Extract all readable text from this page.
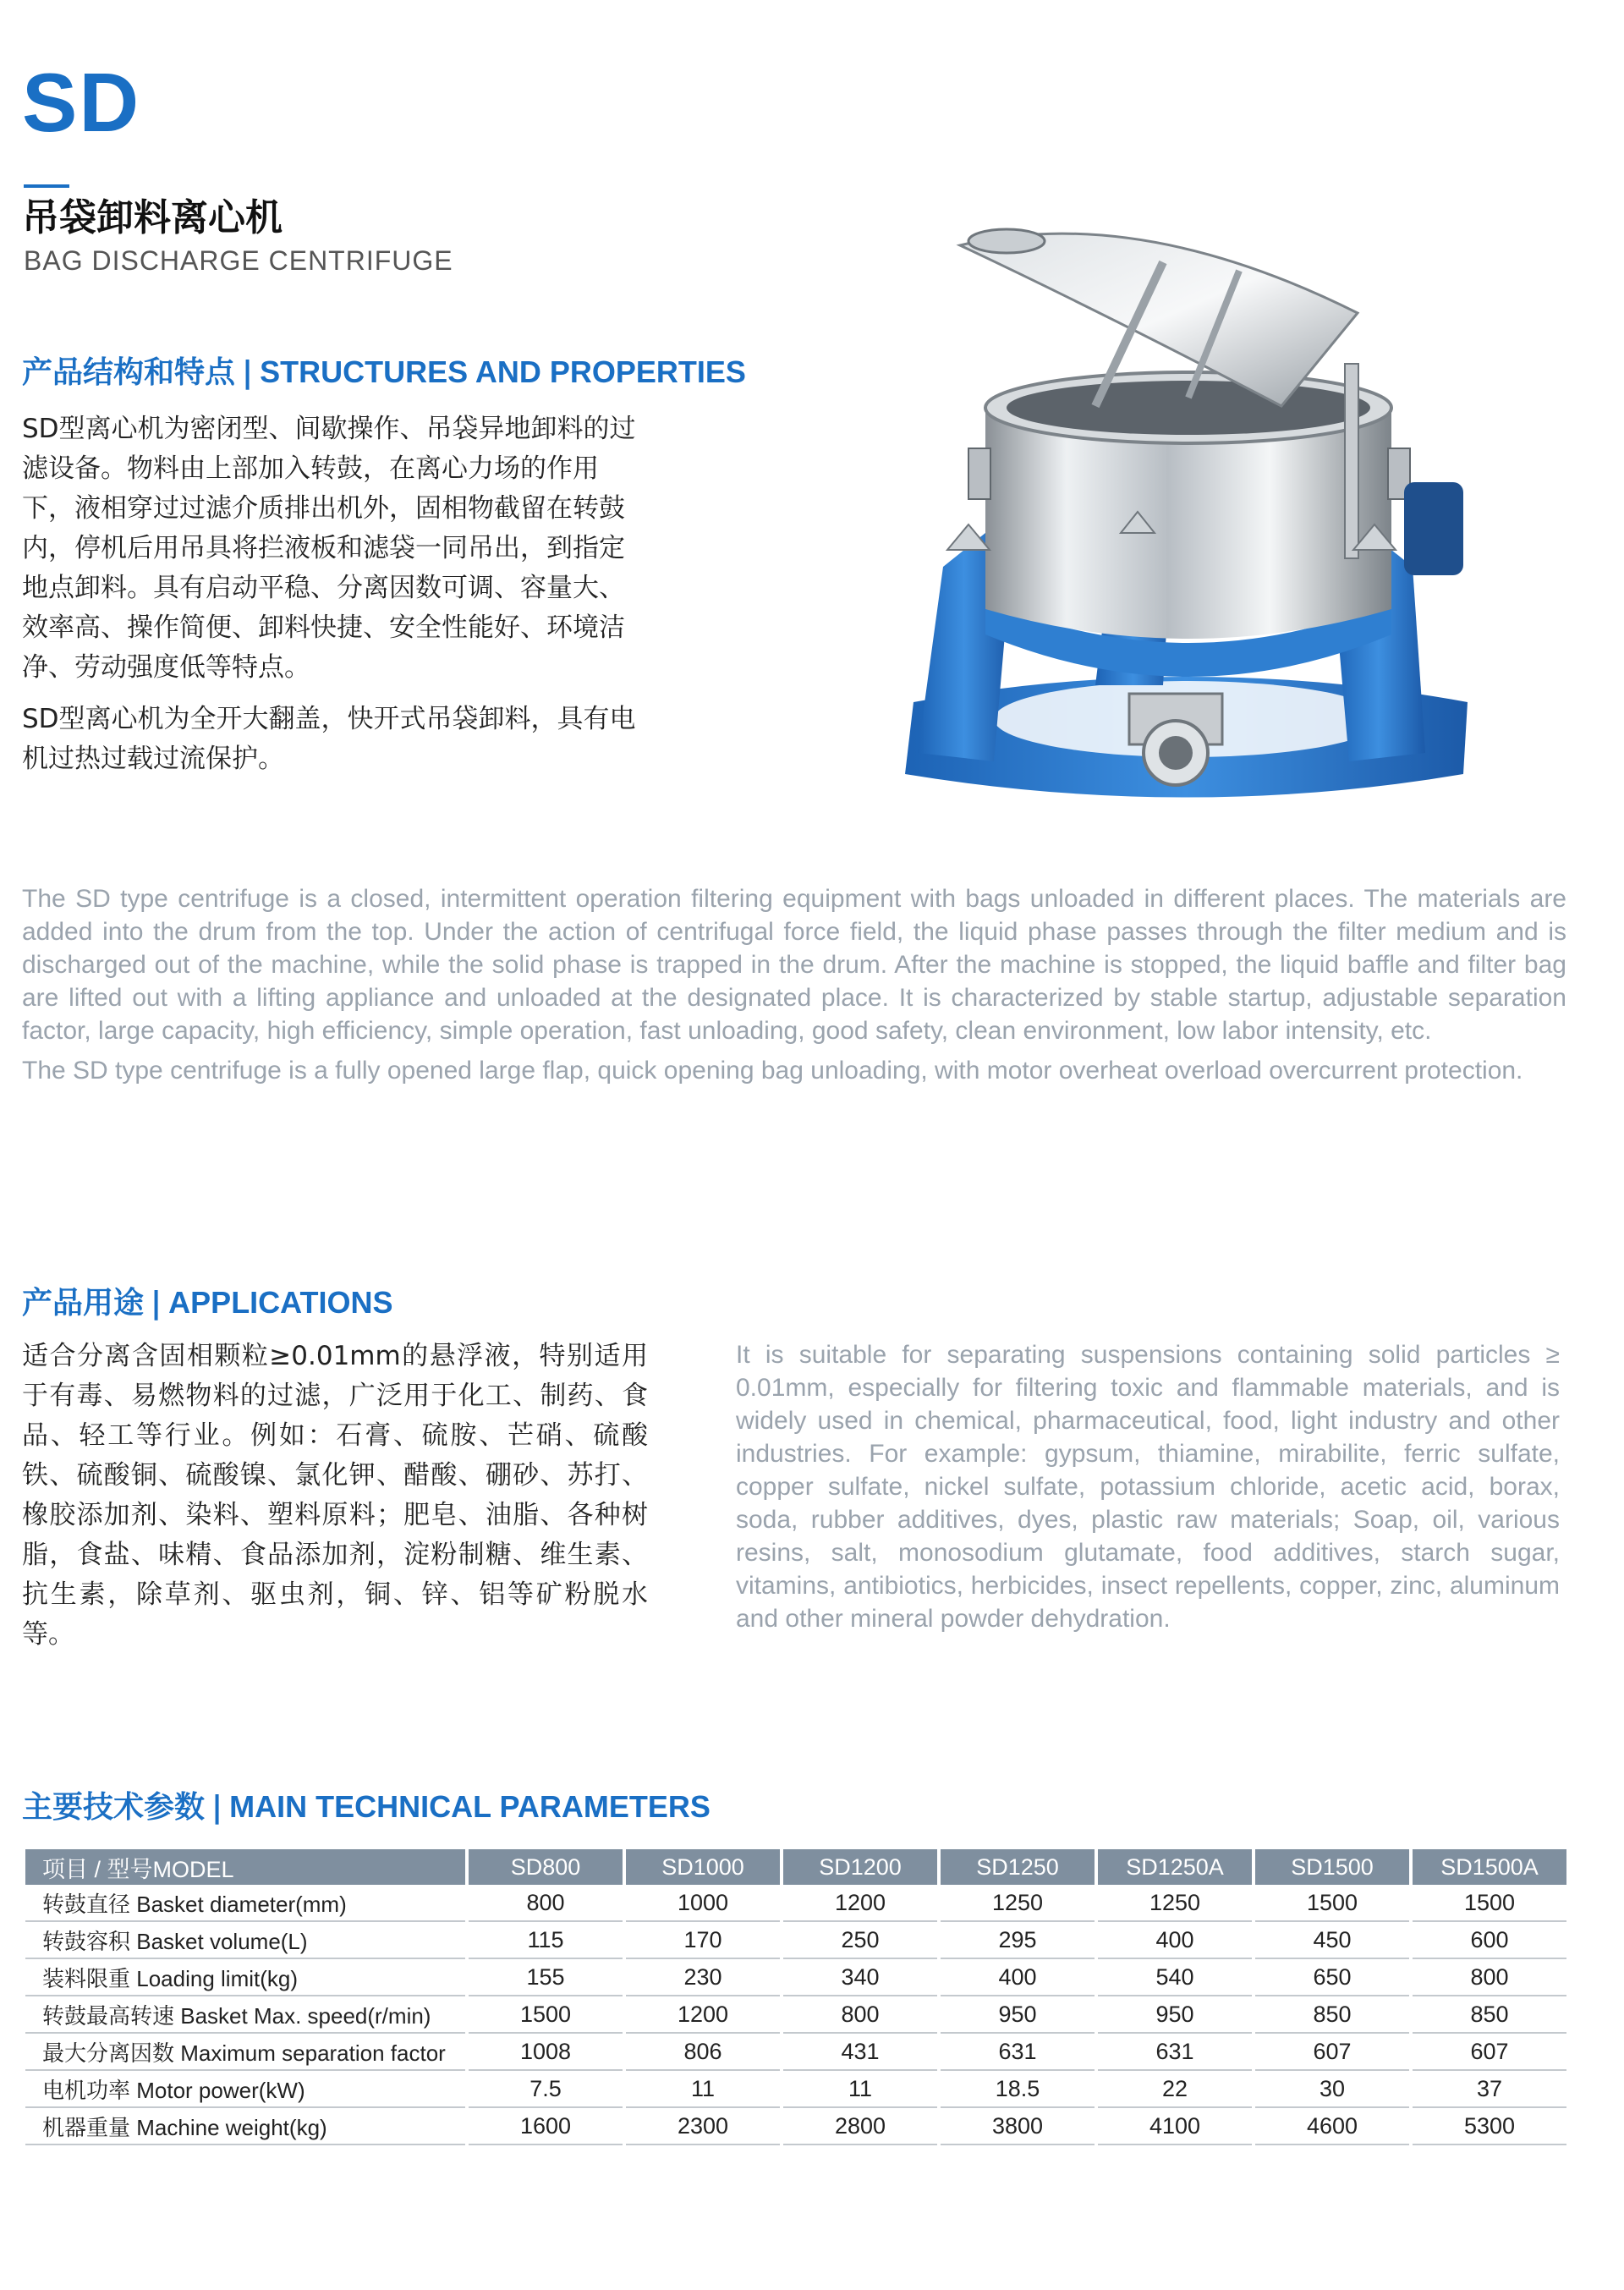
SD
吊袋卸料离心机
BAG DISCHARGE CENTRIFUGE
产品结构和特点 | STRUCTURES AND PROPERTIES

SD型离心机为密闭型、间歇操作、吊袋异地卸料的过滤设备。物料由上部加入转鼓，在离心力场的作用下，液相穿过过滤介质排出机外，固相物截留在转鼓内，停机后用吊具将拦液板和滤袋一同吊出，到指定地点卸料。具有启动平稳、分离因数可调、容量大、效率高、操作简便、卸料快捷、安全性能好、环境洁净、劳动强度低等特点。

SD型离心机为全开大翻盖，快开式吊袋卸料，具有电机过热过载过流保护。

The SD type centrifuge is a closed, intermittent operation filtering equipment with bags unloaded in different places. The materials are added into the drum from the top. Under the action of centrifugal force field, the liquid phase passes through the filter medium and is discharged out of the machine, while the solid phase is trapped in the drum. After the machine is stopped, the liquid baffle and filter bag are lifted out with a lifting appliance and unloaded at the designated place. It is characterized by stable startup, adjustable separation factor, large capacity, high efficiency, simple operation, fast unloading, good safety, clean environment, low labor intensity, etc.

The SD type centrifuge is a fully opened large flap, quick opening bag unloading, with motor overheat overload overcurrent protection.

产品用途 | APPLICATIONS

适合分离含固相颗粒≥0.01mm的悬浮液，特别适用于有毒、易燃物料的过滤，广泛用于化工、制药、食品、轻工等行业。例如：石膏、硫胺、芒硝、硫酸铁、硫酸铜、硫酸镍、氯化钾、醋酸、硼砂、苏打、橡胶添加剂、染料、塑料原料；肥皂、油脂、各种树脂，食盐、味精、食品添加剂，淀粉制糖、维生素、抗生素，除草剂、驱虫剂，铜、锌、铝等矿粉脱水等。

It is suitable for separating suspensions containing solid particles ≥ 0.01mm, especially for filtering toxic and flammable materials, and is widely used in chemical, pharmaceutical, food, light industry and other industries. For example: gypsum, thiamine, mirabilite, ferric sulfate, copper sulfate, nickel sulfate, potassium chloride, acetic acid, borax, soda, rubber additives, dyes, plastic raw materials; Soap, oil, various resins, salt, monosodium glutamate, food additives, starch sugar, vitamins, antibiotics, herbicides, insect repellents, copper, zinc, aluminum and other mineral powder dehydration.

主要技术参数 | MAIN TECHNICAL PARAMETERS
项目 / 型号MODEL	SD800	SD1000	SD1200	SD1250	SD1250A	SD1500	SD1500A
转鼓直径 Basket diameter(mm)	800	1000	1200	1250	1250	1500	1500
转鼓容积 Basket volume(L)	115	170	250	295	400	450	600
装料限重 Loading limit(kg)	155	230	340	400	540	650	800
转鼓最高转速 Basket Max. speed(r/min)	1500	1200	800	950	950	850	850
最大分离因数 Maximum separation factor	1008	806	431	631	631	607	607
电机功率 Motor power(kW)	7.5	11	11	18.5	22	30	37
机器重量 Machine weight(kg)	1600	2300	2800	3800	4100	4600	5300
